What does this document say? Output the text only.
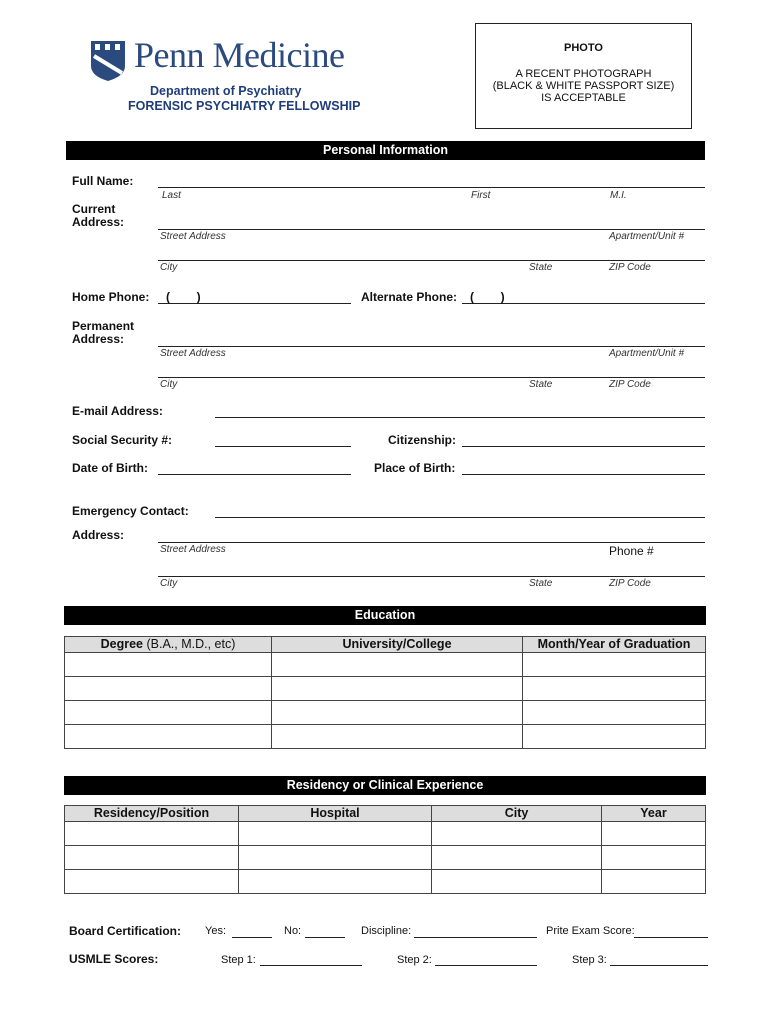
Penn Medicine
Department of Psychiatry
FORENSIC PSYCHIATRY FELLOWSHIP
PHOTO
A RECENT PHOTOGRAPH
(BLACK & WHITE PASSPORT SIZE)
IS ACCEPTABLE
Personal Information
Full Name:
Last	First	M.I.
Current
Address:
Street Address	Apartment/Unit #
City	State	ZIP Code
Home Phone: (        )	Alternate Phone: (        )
Permanent
Address:
Street Address	Apartment/Unit #
City	State	ZIP Code
E-mail Address:
Social Security #:	Citizenship:
Date of Birth:	Place of Birth:
Emergency Contact:
Address:
Street Address	Phone #
City	State	ZIP Code
Education
Degree (B.A., M.D., etc)	University/College	Month/Year of Graduation

Residency or Clinical Experience
Residency/Position	Hospital	City	Year

Board Certification: Yes:	No:	Discipline:	Prite Exam Score:
USMLE Scores:	Step 1:	Step 2:	Step 3:
